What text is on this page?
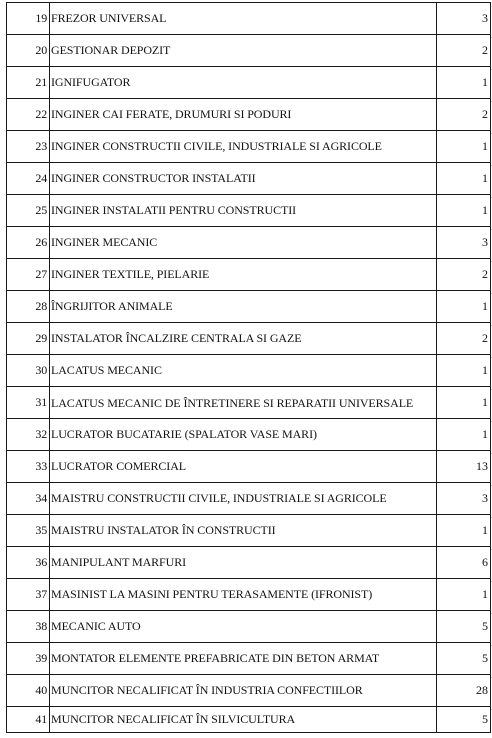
19	FREZOR UNIVERSAL	3
20	GESTIONAR DEPOZIT	2
21	IGNIFUGATOR	1
22	INGINER CAI FERATE, DRUMURI SI PODURI	2
23	INGINER CONSTRUCTII CIVILE, INDUSTRIALE SI AGRICOLE	1
24	INGINER CONSTRUCTOR INSTALATII	1
25	INGINER INSTALATII PENTRU CONSTRUCTII	1
26	INGINER MECANIC	3
27	INGINER TEXTILE, PIELARIE	2
28	ÎNGRIJITOR ANIMALE	1
29	INSTALATOR ÎNCALZIRE CENTRALA SI GAZE	2
30	LACATUS MECANIC	1
31	LACATUS MECANIC DE ÎNTRETINERE SI REPARATII UNIVERSALE	1
32	LUCRATOR BUCATARIE (SPALATOR VASE MARI)	1
33	LUCRATOR COMERCIAL	13
34	MAISTRU CONSTRUCTII CIVILE, INDUSTRIALE SI AGRICOLE	3
35	MAISTRU INSTALATOR ÎN CONSTRUCTII	1
36	MANIPULANT MARFURI	6
37	MASINIST LA MASINI PENTRU TERASAMENTE (IFRONIST)	1
38	MECANIC AUTO	5
39	MONTATOR ELEMENTE PREFABRICATE DIN BETON ARMAT	5
40	MUNCITOR NECALIFICAT ÎN INDUSTRIA CONFECTIILOR	28
41	MUNCITOR NECALIFICAT ÎN SILVICULTURA	5
